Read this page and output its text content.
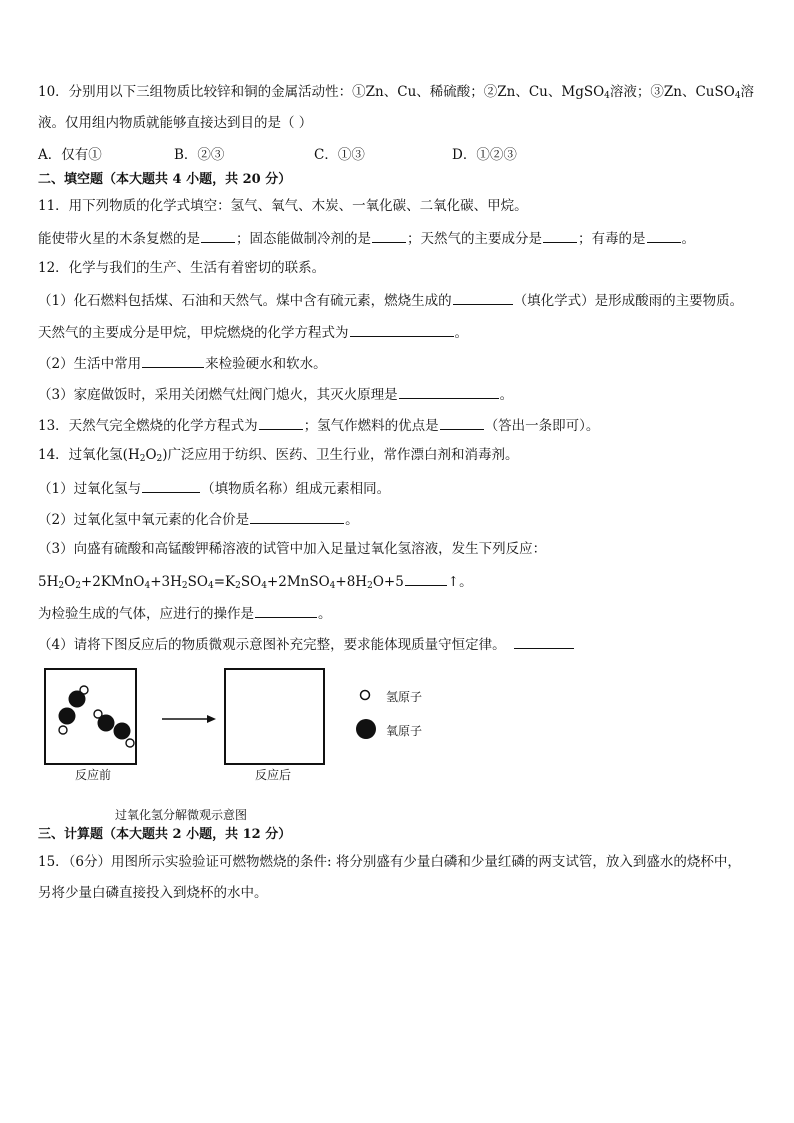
10．分别用以下三组物质比较锌和铜的金属活动性：①Zn、Cu、稀硫酸；②Zn、Cu、MgSO$_4$溶液；③Zn、CuSO$_4$溶
液。仅用组内物质就能够直接达到目的是（ ）
A．仅有①	B．②③	C．①③	D．①②③
二、填空题（本大题共 4 小题，共 20 分）
11．用下列物质的化学式填空：氢气、氧气、木炭、一氧化碳、二氧化碳、甲烷。
能使带火星的木条复燃的是	；固态能做制冷剂的是	；天然气的主要成分是	；有毒的是	。
12．化学与我们的生产、生活有着密切的联系。
（1）化石燃料包括煤、石油和天然气。煤中含有硫元素，燃烧生成的	（填化学式）是形成酸雨的主要物质。
天然气的主要成分是甲烷，甲烷燃烧的化学方程式为	。
（2）生活中常用	来检验硬水和软水。
（3）家庭做饭时，采用关闭燃气灶阀门熄火，其灭火原理是	。
13．天然气完全燃烧的化学方程式为	；氢气作燃料的优点是	（答出一条即可）。
14．过氧化氢$(H_2O_2)$广泛应用于纺织、医药、卫生行业，常作漂白剂和消毒剂。
（1）过氧化氢与	（填物质名称）组成元素相同。
（2）过氧化氢中氧元素的化合价是	。
（3）向盛有硫酸和高锰酸钾稀溶液的试管中加入足量过氧化氢溶液，发生下列反应：
$5H_2O_2+2KMnO_4+3H_2SO_4=K_2SO_4+2MnSO_4+8H_2O+5$	↑。
为检验生成的气体，应进行的操作是	。
（4）请将下图反应后的物质微观示意图补充完整，要求能体现质量守恒定律。
反应前	反应后
氢原子
氧原子
过氧化氢分解微观示意图
三、计算题（本大题共 2 小题，共 12 分）
15．（6分）用图所示实验验证可燃物燃烧的条件: 将分别盛有少量白磷和少量红磷的两支试管，放入到盛水的烧杯中，
另将少量白磷直接投入到烧杯的水中。
